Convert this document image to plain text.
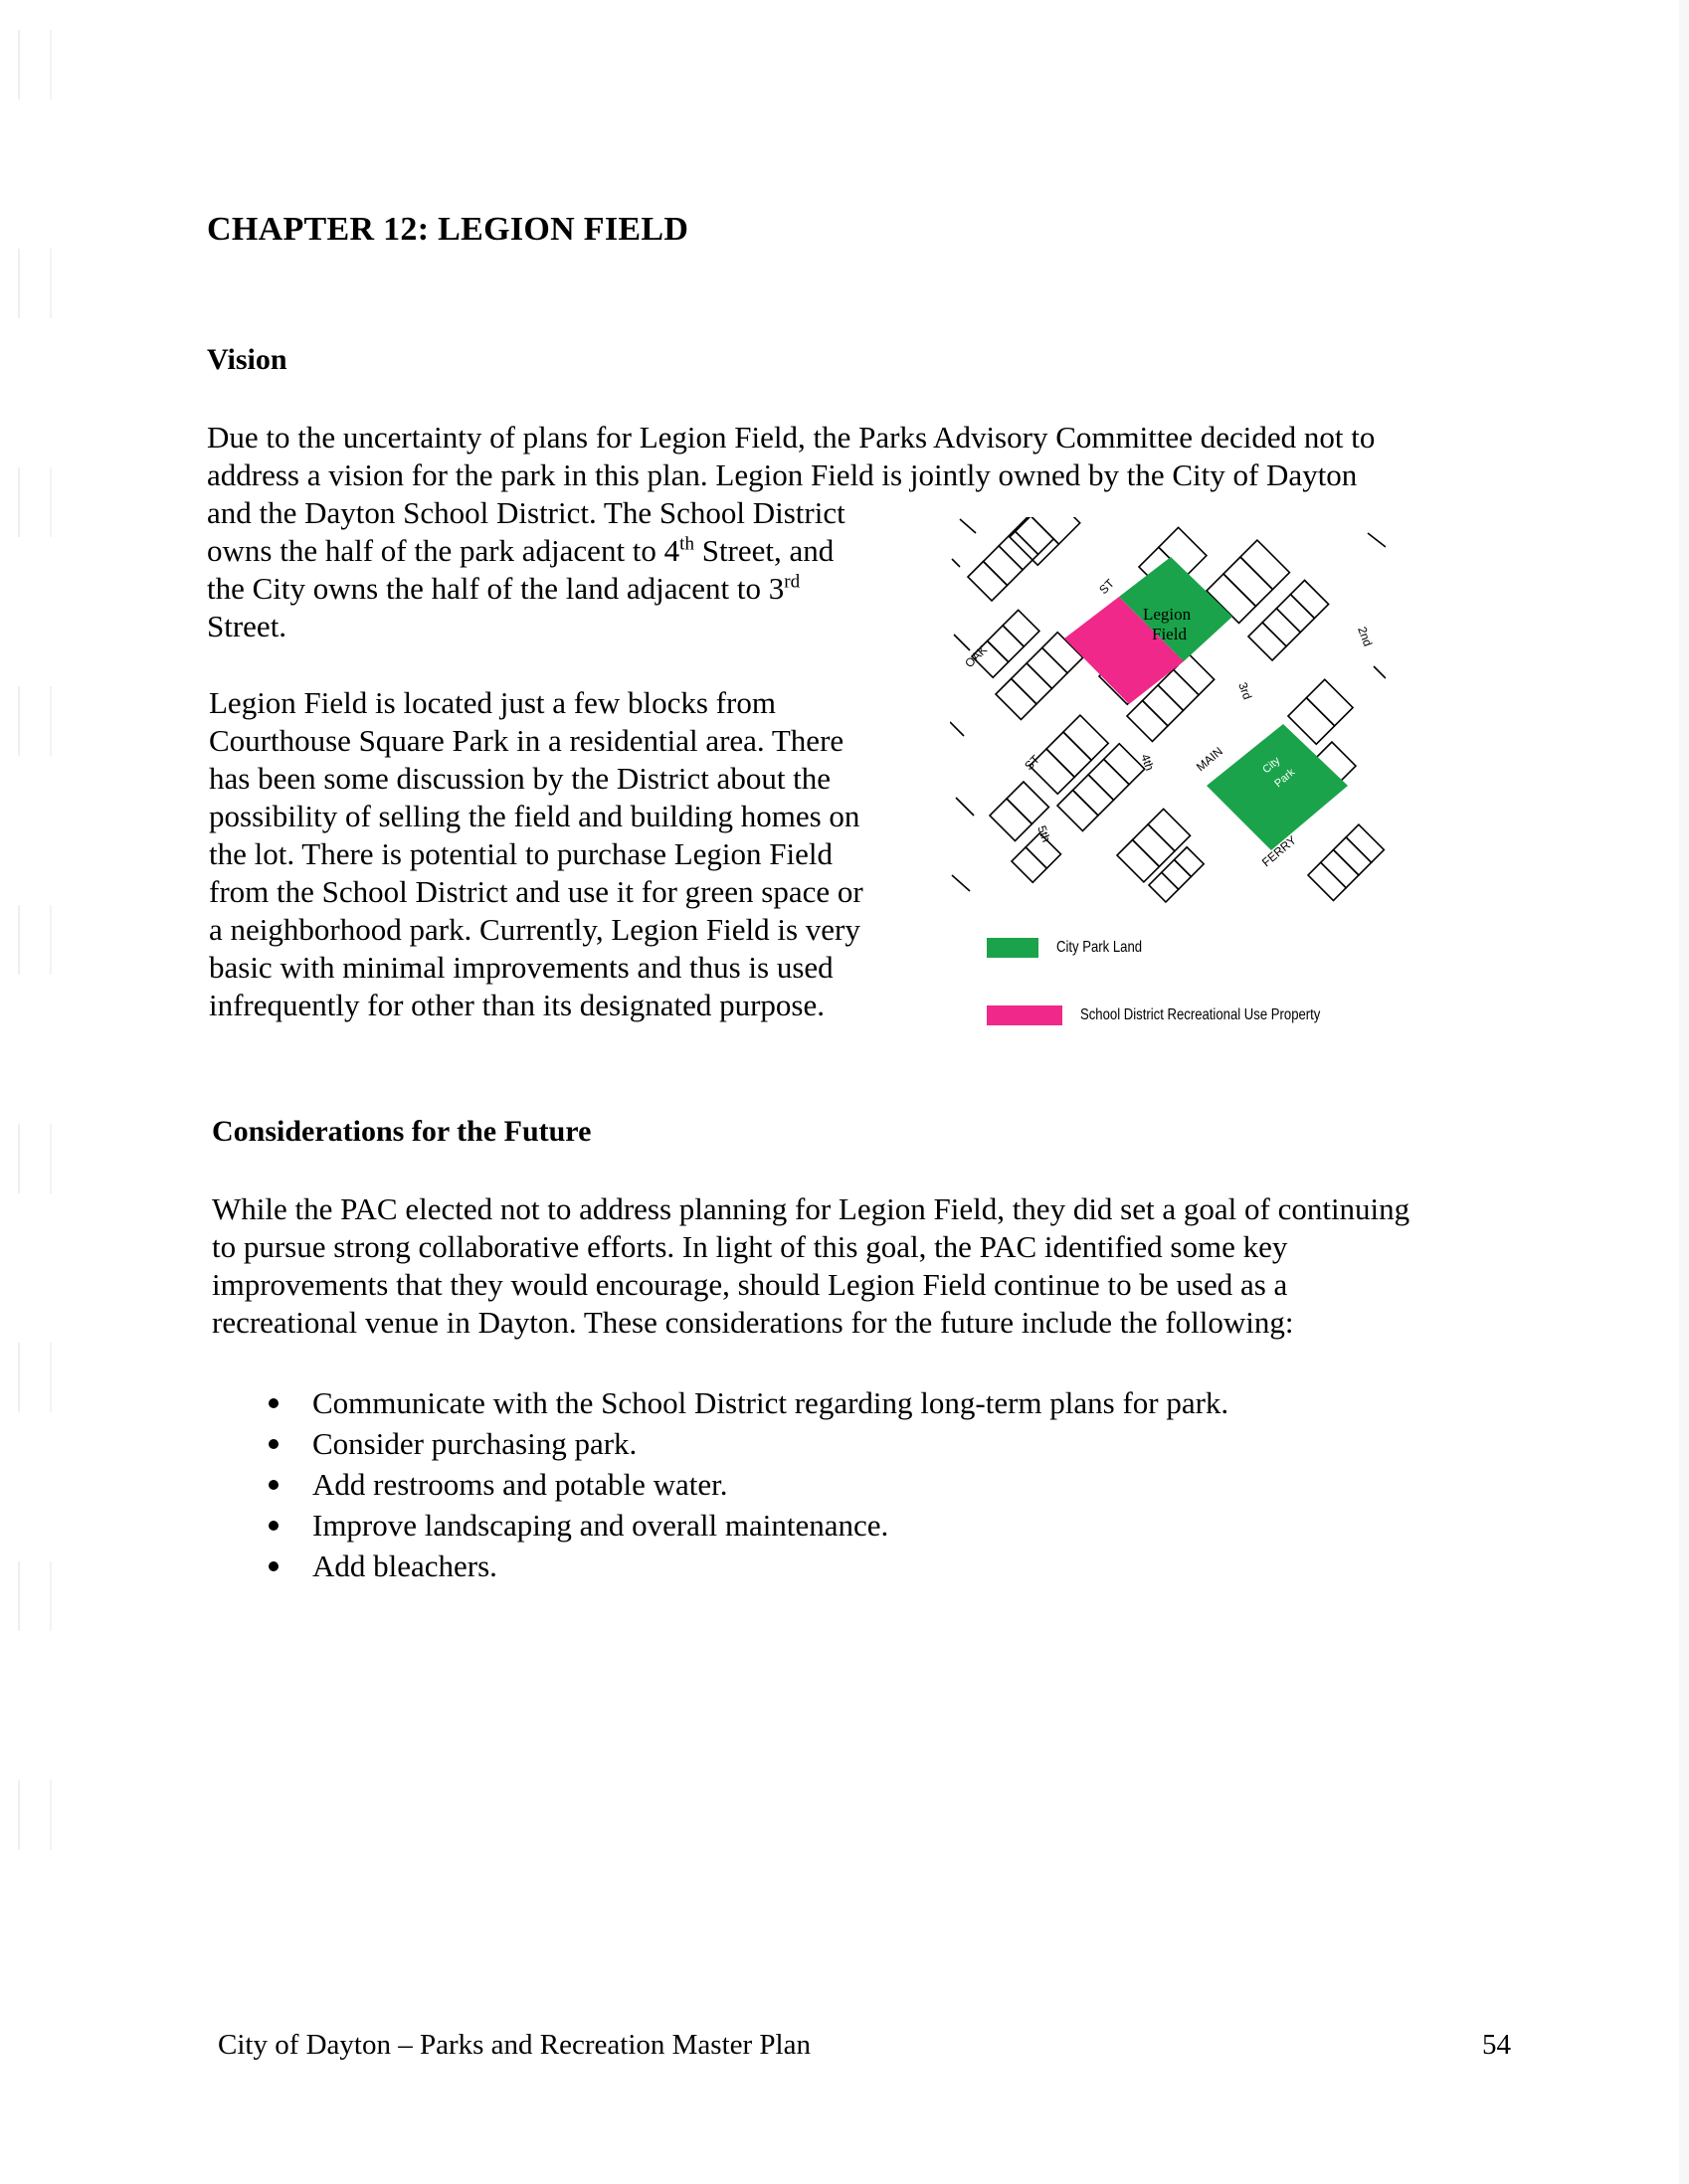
CHAPTER 12: LEGION FIELD
Vision
Due to the uncertainty of plans for Legion Field, the Parks Advisory Committee decided not to
address a vision for the park in this plan. Legion Field is jointly owned by the City of Dayton
and the Dayton School District. The School District
owns the half of the park adjacent to 4th Street, and
the City owns the half of the land adjacent to 3rd
Street.
Legion Field is located just a few blocks from
Courthouse Square Park in a residential area. There
has been some discussion by the District about the
possibility of selling the field and building homes on
the lot. There is potential to purchase Legion Field
from the School District and use it for green space or
a neighborhood park. Currently, Legion Field is very
basic with minimal improvements and thus is used
infrequently for other than its designated purpose.
Legion
Field
City
Park
ST
OAK
ST	4th
5th
3rd
MAIN
FERRY
2nd
City Park Land
School District Recreational Use Property
Considerations for the Future
While the PAC elected not to address planning for Legion Field, they did set a goal of continuing
to pursue strong collaborative efforts. In light of this goal, the PAC identified some key
improvements that they would encourage, should Legion Field continue to be used as a
recreational venue in Dayton. These considerations for the future include the following:
Communicate with the School District regarding long-term plans for park.
Consider purchasing park.
Add restrooms and potable water.
Improve landscaping and overall maintenance.
Add bleachers.
City of Dayton – Parks and Recreation Master Plan	54
